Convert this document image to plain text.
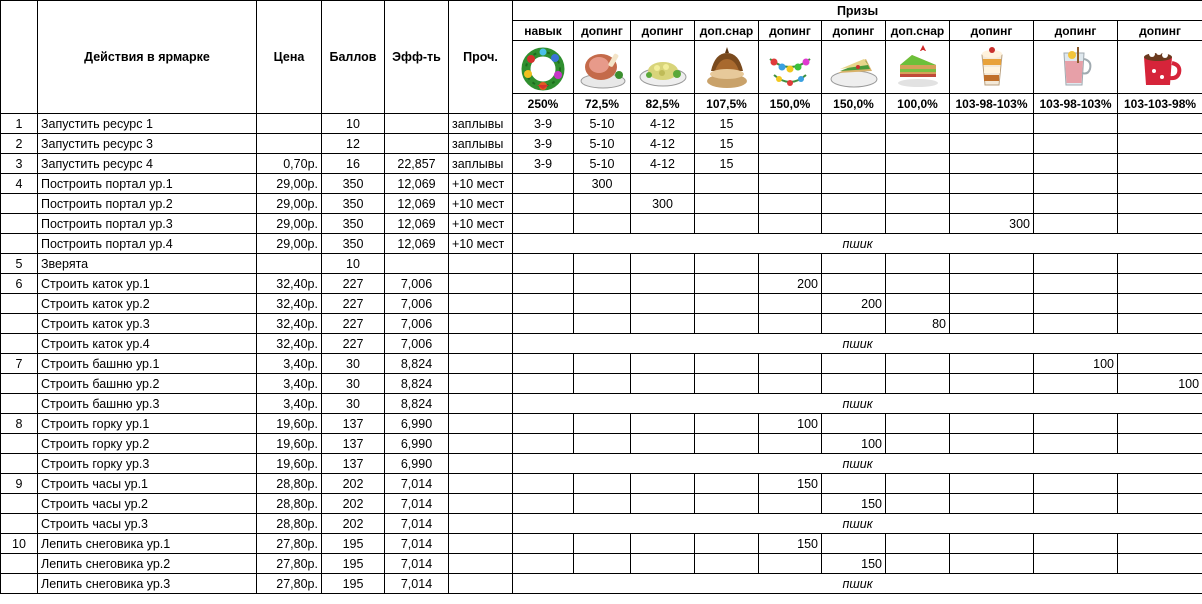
	Действия в ярмарке	Цена	Баллов	Эфф-ть	Проч.	Призы									
						навык	допинг	допинг	доп.снар	допинг	допинг	доп.снар	допинг	допинг	допинг

						250%	72,5%	82,5%	107,5%	150,0%	150,0%	100,0%	103-98-103%	103-98-103%	103-103-98%
1	Запустить ресурс 1		10		заплывы	3-9	5-10	4-12	15						
2	Запустить ресурс 3		12		заплывы	3-9	5-10	4-12	15						
3	Запустить ресурс 4	0,70р.	16	22,857	заплывы	3-9	5-10	4-12	15						
4	Построить портал ур.1	29,00р.	350	12,069	+10 мест		300								
	Построить портал ур.2	29,00р.	350	12,069	+10 мест			300							
	Построить портал ур.3	29,00р.	350	12,069	+10 мест								300		
	Построить портал ур.4	29,00р.	350	12,069	+10 мест	пшик									
5	Зверята		10												
6	Строить каток ур.1	32,40р.	227	7,006						200					
	Строить каток ур.2	32,40р.	227	7,006							200				
	Строить каток ур.3	32,40р.	227	7,006								80			
	Строить каток ур.4	32,40р.	227	7,006		пшик									
7	Строить башню ур.1	3,40р.	30	8,824										100	
	Строить башню ур.2	3,40р.	30	8,824											100
	Строить башню ур.3	3,40р.	30	8,824		пшик									
8	Строить горку ур.1	19,60р.	137	6,990						100					
	Строить горку ур.2	19,60р.	137	6,990							100				
	Строить горку ур.3	19,60р.	137	6,990		пшик									
9	Строить часы ур.1	28,80р.	202	7,014						150					
	Строить часы ур.2	28,80р.	202	7,014							150				
	Строить часы ур.3	28,80р.	202	7,014		пшик									
10	Лепить снеговика ур.1	27,80р.	195	7,014						150					
	Лепить снеговика ур.2	27,80р.	195	7,014							150				
	Лепить снеговика ур.3	27,80р.	195	7,014		пшик									
